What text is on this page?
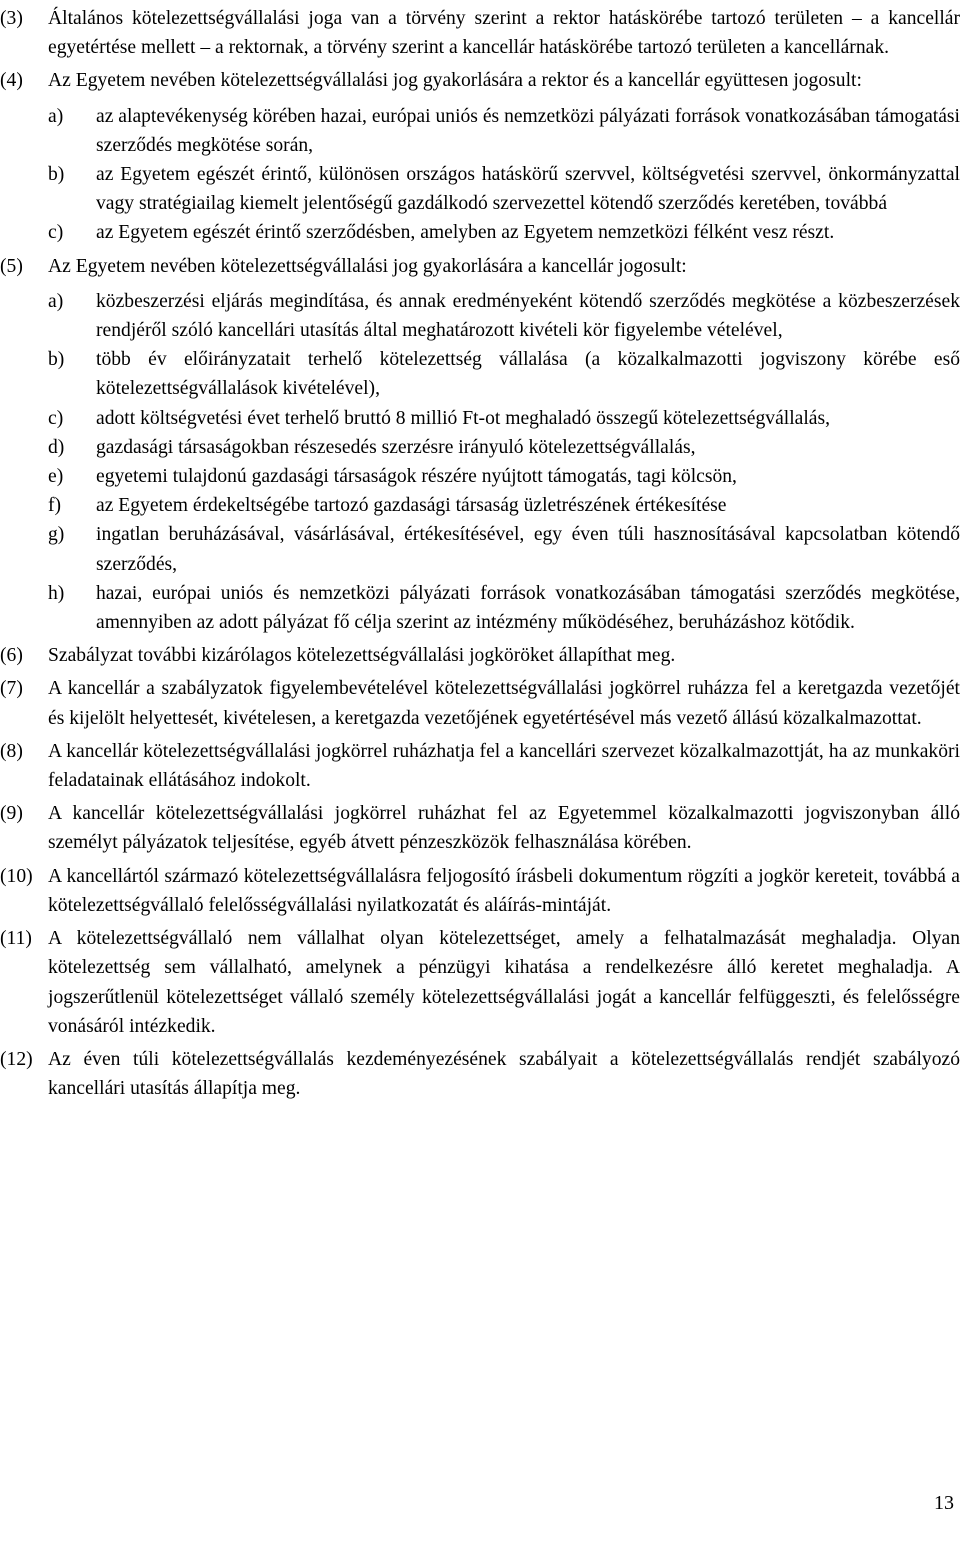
(3) Általános kötelezettségvállalási joga van a törvény szerint a rektor hatáskörébe tartozó területen – a kancellár egyetértése mellett – a rektornak, a törvény szerint a kancellár hatáskörébe tartozó területen a kancellárnak.
(4) Az Egyetem nevében kötelezettségvállalási jog gyakorlására a rektor és a kancellár együttesen jogosult:
a) az alaptevékenység körében hazai, európai uniós és nemzetközi pályázati források vonatkozásában támogatási szerződés megkötése során,
b) az Egyetem egészét érintő, különösen országos hatáskörű szervvel, költségvetési szervvel, önkormányzattal vagy stratégiailag kiemelt jelentőségű gazdálkodó szervezettel kötendő szerződés keretében, továbbá
c) az Egyetem egészét érintő szerződésben, amelyben az Egyetem nemzetközi félként vesz részt.
(5) Az Egyetem nevében kötelezettségvállalási jog gyakorlására a kancellár jogosult:
a) közbeszerzési eljárás megindítása, és annak eredményeként kötendő szerződés megkötése a közbeszerzések rendjéről szóló kancellári utasítás által meghatározott kivételi kör figyelembe vételével,
b) több év előirányzatait terhelő kötelezettség vállalása (a közalkalmazotti jogviszony körébe eső kötelezettségvállalások kivételével),
c) adott költségvetési évet terhelő bruttó 8 millió Ft-ot meghaladó összegű kötelezettségvállalás,
d) gazdasági társaságokban részesedés szerzésre irányuló kötelezettségvállalás,
e) egyetemi tulajdonú gazdasági társaságok részére nyújtott támogatás, tagi kölcsön,
f) az Egyetem érdekeltségébe tartozó gazdasági társaság üzletrészének értékesítése
g) ingatlan beruházásával, vásárlásával, értékesítésével, egy éven túli hasznosításával kapcsolatban kötendő szerződés,
h) hazai, európai uniós és nemzetközi pályázati források vonatkozásában támogatási szerződés megkötése, amennyiben az adott pályázat fő célja szerint az intézmény működéséhez, beruházáshoz kötődik.
(6) Szabályzat további kizárólagos kötelezettségvállalási jogköröket állapíthat meg.
(7) A kancellár a szabályzatok figyelembevételével kötelezettségvállalási jogkörrel ruházza fel a keretgazda vezetőjét és kijelölt helyettesét, kivételesen, a keretgazda vezetőjének egyetértésével más vezető állású közalkalmazottat.
(8) A kancellár kötelezettségvállalási jogkörrel ruházhatja fel a kancellári szervezet közalkalmazottját, ha az munkaköri feladatainak ellátásához indokolt.
(9) A kancellár kötelezettségvállalási jogkörrel ruházhat fel az Egyetemmel közalkalmazotti jogviszonyban álló személyt pályázatok teljesítése, egyéb átvett pénzeszközök felhasználása körében.
(10) A kancellártól származó kötelezettségvállalásra feljogosító írásbeli dokumentum rögzíti a jogkör kereteit, továbbá a kötelezettségvállaló felelősségvállalási nyilatkozatát és aláírás-mintáját.
(11) A kötelezettségvállaló nem vállalhat olyan kötelezettséget, amely a felhatalmazását meghaladja. Olyan kötelezettség sem vállalható, amelynek a pénzügyi kihatása a rendelkezésre álló keretet meghaladja. A jogszerűtlenül kötelezettséget vállaló személy kötelezettségvállalási jogát a kancellár felfüggeszti, és felelősségre vonásáról intézkedik.
(12) Az éven túli kötelezettségvállalás kezdeményezésének szabályait a kötelezettségvállalás rendjét szabályozó kancellári utasítás állapítja meg.
13
